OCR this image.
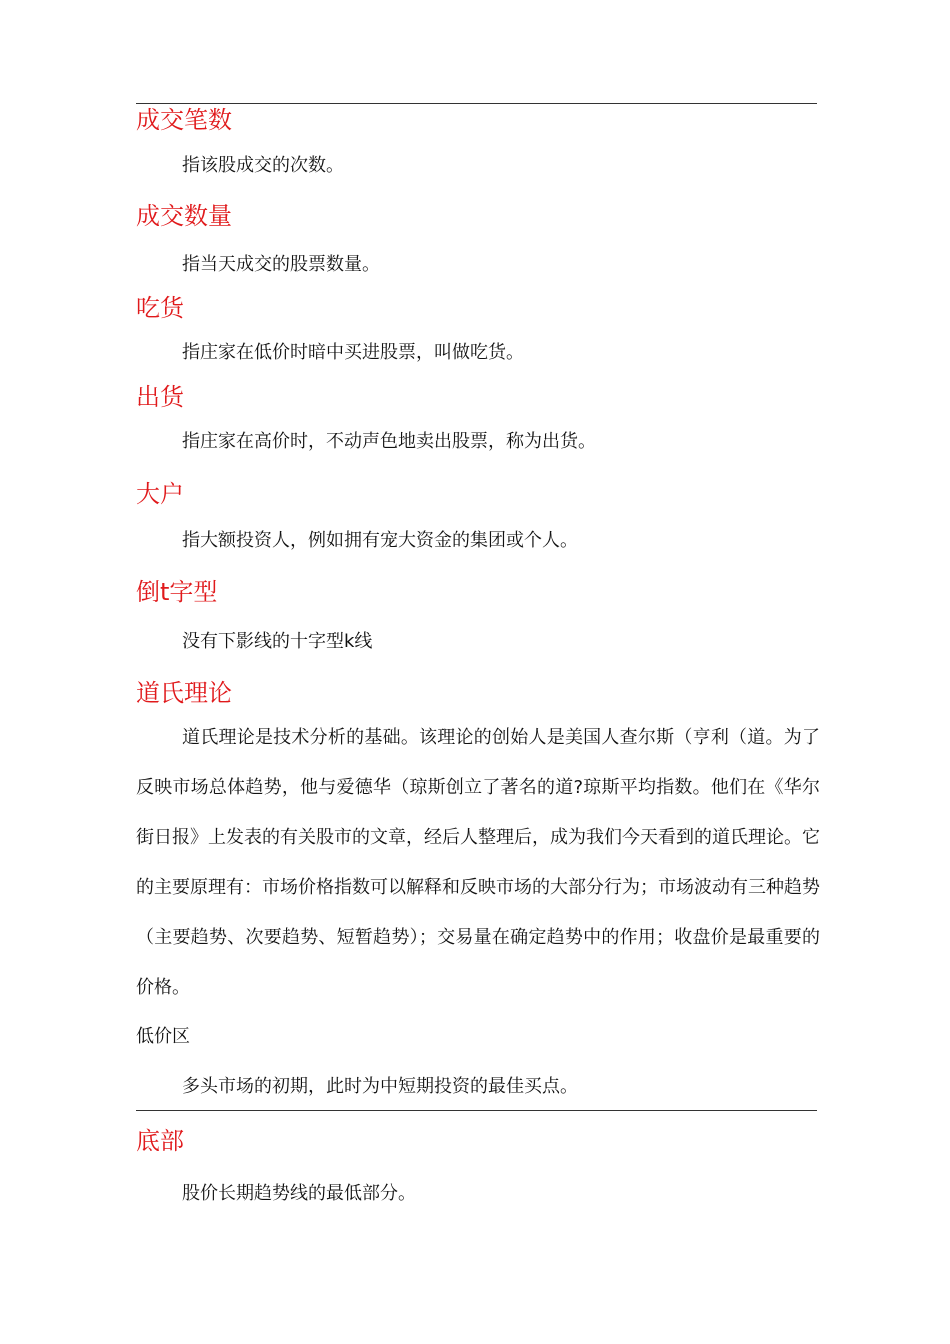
成交笔数
指该股成交的次数。
成交数量
指当天成交的股票数量。
吃货
指庄家在低价时暗中买进股票，叫做吃货。
出货
指庄家在高价时，不动声色地卖出股票，称为出货。
大户
指大额投资人，例如拥有宠大资金的集团或个人。
倒t字型
没有下影线的十字型k线
道氏理论
道氏理论是技术分析的基础。该理论的创始人是美国人查尔斯（亨利（道。为了反映市场总体趋势，他与爱德华（琼斯创立了著名的道?琼斯平均指数。他们在《华尔街日报》上发表的有关股市的文章，经后人整理后，成为我们今天看到的道氏理论。它的主要原理有：市场价格指数可以解释和反映市场的大部分行为；市场波动有三种趋势（主要趋势、次要趋势、短暂趋势）；交易量在确定趋势中的作用；收盘价是最重要的价格。
低价区
多头市场的初期，此时为中短期投资的最佳买点。
底部
股价长期趋势线的最低部分。
